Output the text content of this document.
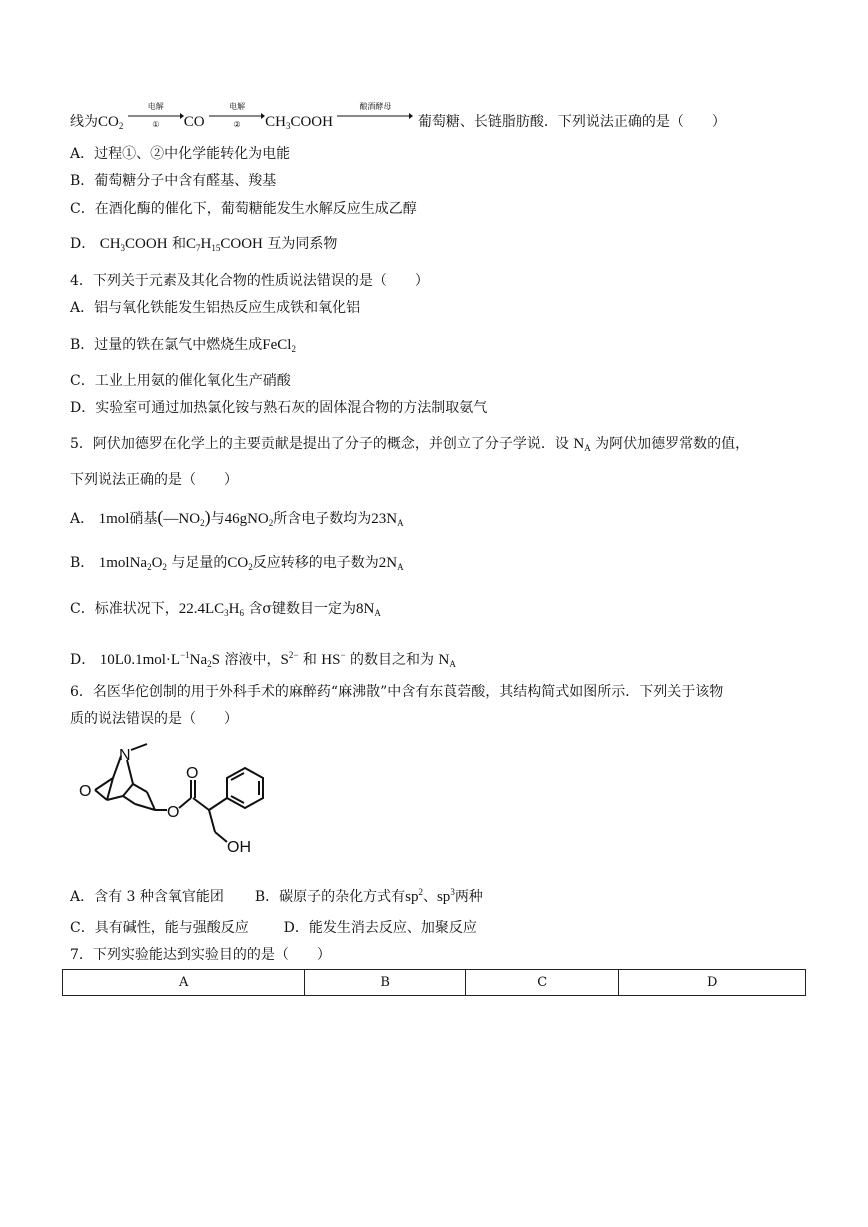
线为$CO_2$
电解
①	CO
电解
②	$CH_3COOH$
酿酒酵母
葡萄糖、长链脂肪酸．下列说法正确的是（　　）
A．过程①、②中化学能转化为电能
B．葡萄糖分子中含有醛基、羧基
C．在酒化酶的催化下，葡萄糖能发生水解反应生成乙醇
D． $CH_3COOH$ 和$C_7H_{15}COOH$ 互为同系物
4．下列关于元素及其化合物的性质说法错误的是（　　）
A．铝与氧化铁能发生铝热反应生成铁和氧化铝
B．过量的铁在氯气中燃烧生成FeCl$_2$
C．工业上用氨的催化氧化生产硝酸
D．实验室可通过加热氯化铵与熟石灰的固体混合物的方法制取氨气
5．阿伏加德罗在化学上的主要贡献是提出了分子的概念，并创立了分子学说．设 $N_A$ 为阿伏加德罗常数的值，
下列说法正确的是（　　）
A． 1mol硝基$(—NO_2)$与46gNO$_2$所含电子数均为$23N_A$
B． $1molNa_2O_2$ 与足量的$CO_2$反应转移的电子数为$2N_A$
C．标准状况下，$22.4LC_3H_6$ 含σ键数目一定为$8N_A$
D． $10L0.1mol\cdot L^{-1}Na_2S$ 溶液中，$S^{2-}$ 和 HS− 的数目之和为 $N_A$
6．名医华佗创制的用于外科手术的麻醉药“麻沸散”中含有东莨菪酸，其结构简式如图所示．下列关于该物
质的说法错误的是（　　）
N
O
O
O
OH
A．含有 3 种含氧官能团 B．碳原子的杂化方式有$sp^2$、$sp^3$两种
C．具有碱性，能与强酸反应 D．能发生消去反应、加聚反应
7．下列实验能达到实验目的的是（　　）
A	B	C	D
